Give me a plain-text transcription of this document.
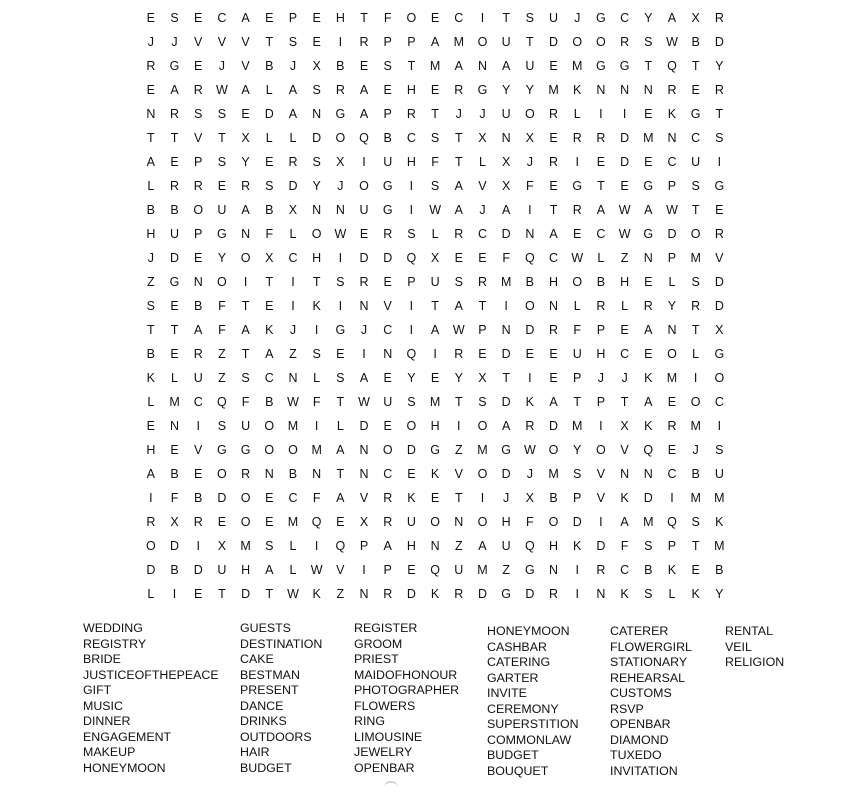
E	S	E	C	A	E	P	E	H	T	F	O	E	C	I	T	S	U	J	G	C	Y	A	X	R
J	J	V	V	V	T	S	E	I	R	P	P	A	M	O	U	T	D	O	O	R	S	W	B	D
R	G	E	J	V	B	J	X	B	E	S	T	M	A	N	A	U	E	M	G	G	T	Q	T	Y
E	A	R	W	A	L	A	S	R	A	E	H	E	R	G	Y	Y	M	K	N	N	N	R	E	R
N	R	S	S	E	D	A	N	G	A	P	R	T	J	J	U	O	R	L	I	I	E	K	G	T
T	T	V	T	X	L	L	D	O	Q	B	C	S	T	X	N	X	E	R	R	D	M	N	C	S
A	E	P	S	Y	E	R	S	X	I	U	H	F	T	L	X	J	R	I	E	D	E	C	U	I
L	R	R	E	R	S	D	Y	J	O	G	I	S	A	V	X	F	E	G	T	E	G	P	S	G
B	B	O	U	A	B	X	N	N	U	G	I	W	A	J	A	I	T	R	A	W	A	W	T	E
H	U	P	G	N	F	L	O	W	E	R	S	L	R	C	D	N	A	E	C	W	G	D	O	R
J	D	E	Y	O	X	C	H	I	D	D	Q	X	E	E	F	Q	C	W	L	Z	N	P	M	V
Z	G	N	O	I	T	I	T	S	R	E	P	U	S	R	M	B	H	O	B	H	E	L	S	D
S	E	B	F	T	E	I	K	I	N	V	I	T	A	T	I	O	N	L	R	L	R	Y	R	D
T	T	A	F	A	K	J	I	G	J	C	I	A	W	P	N	D	R	F	P	E	A	N	T	X
B	E	R	Z	T	A	Z	S	E	I	N	Q	I	R	E	D	E	E	U	H	C	E	O	L	G
K	L	U	Z	S	C	N	L	S	A	E	Y	E	Y	X	T	I	E	P	J	J	K	M	I	O
L	M	C	Q	F	B	W	F	T	W	U	S	M	T	S	D	K	A	T	P	T	A	E	O	C
E	N	I	S	U	O	M	I	L	D	E	O	H	I	O	A	R	D	M	I	X	K	R	M	I
H	E	V	G	G	O	O	M	A	N	O	D	G	Z	M	G	W	O	Y	O	V	Q	E	J	S
A	B	E	O	R	N	B	N	T	N	C	E	K	V	O	D	J	M	S	V	N	N	C	B	U
I	F	B	D	O	E	C	F	A	V	R	K	E	T	I	J	X	B	P	V	K	D	I	M	M
R	X	R	E	O	E	M	Q	E	X	R	U	O	N	O	H	F	O	D	I	A	M	Q	S	K
O	D	I	X	M	S	L	I	Q	P	A	H	N	Z	A	U	Q	H	K	D	F	S	P	T	M
D	B	D	U	H	A	L	W	V	I	P	E	Q	U	M	Z	G	N	I	R	C	B	K	E	B
L	I	E	T	D	T	W	K	Z	N	R	D	K	R	D	G	D	R	I	N	K	S	L	K	Y
WEDDING
REGISTRY
BRIDE
JUSTICEOFTHEPEACE
GIFT
MUSIC
DINNER
ENGAGEMENT
MAKEUP
HONEYMOON
GUESTS
DESTINATION
CAKE
BESTMAN
PRESENT
DANCE
DRINKS
OUTDOORS
HAIR
BUDGET
REGISTER
GROOM
PRIEST
MAIDOFHONOUR
PHOTOGRAPHER
FLOWERS
RING
LIMOUSINE
JEWELRY
OPENBAR
HONEYMOON
CASHBAR
CATERING
GARTER
INVITE
CEREMONY
SUPERSTITION
COMMONLAW
BUDGET
BOUQUET
CATERER
FLOWERGIRL
STATIONARY
REHEARSAL
CUSTOMS
RSVP
OPENBAR
DIAMOND
TUXEDO
INVITATION
RENTAL
VEIL
RELIGION
